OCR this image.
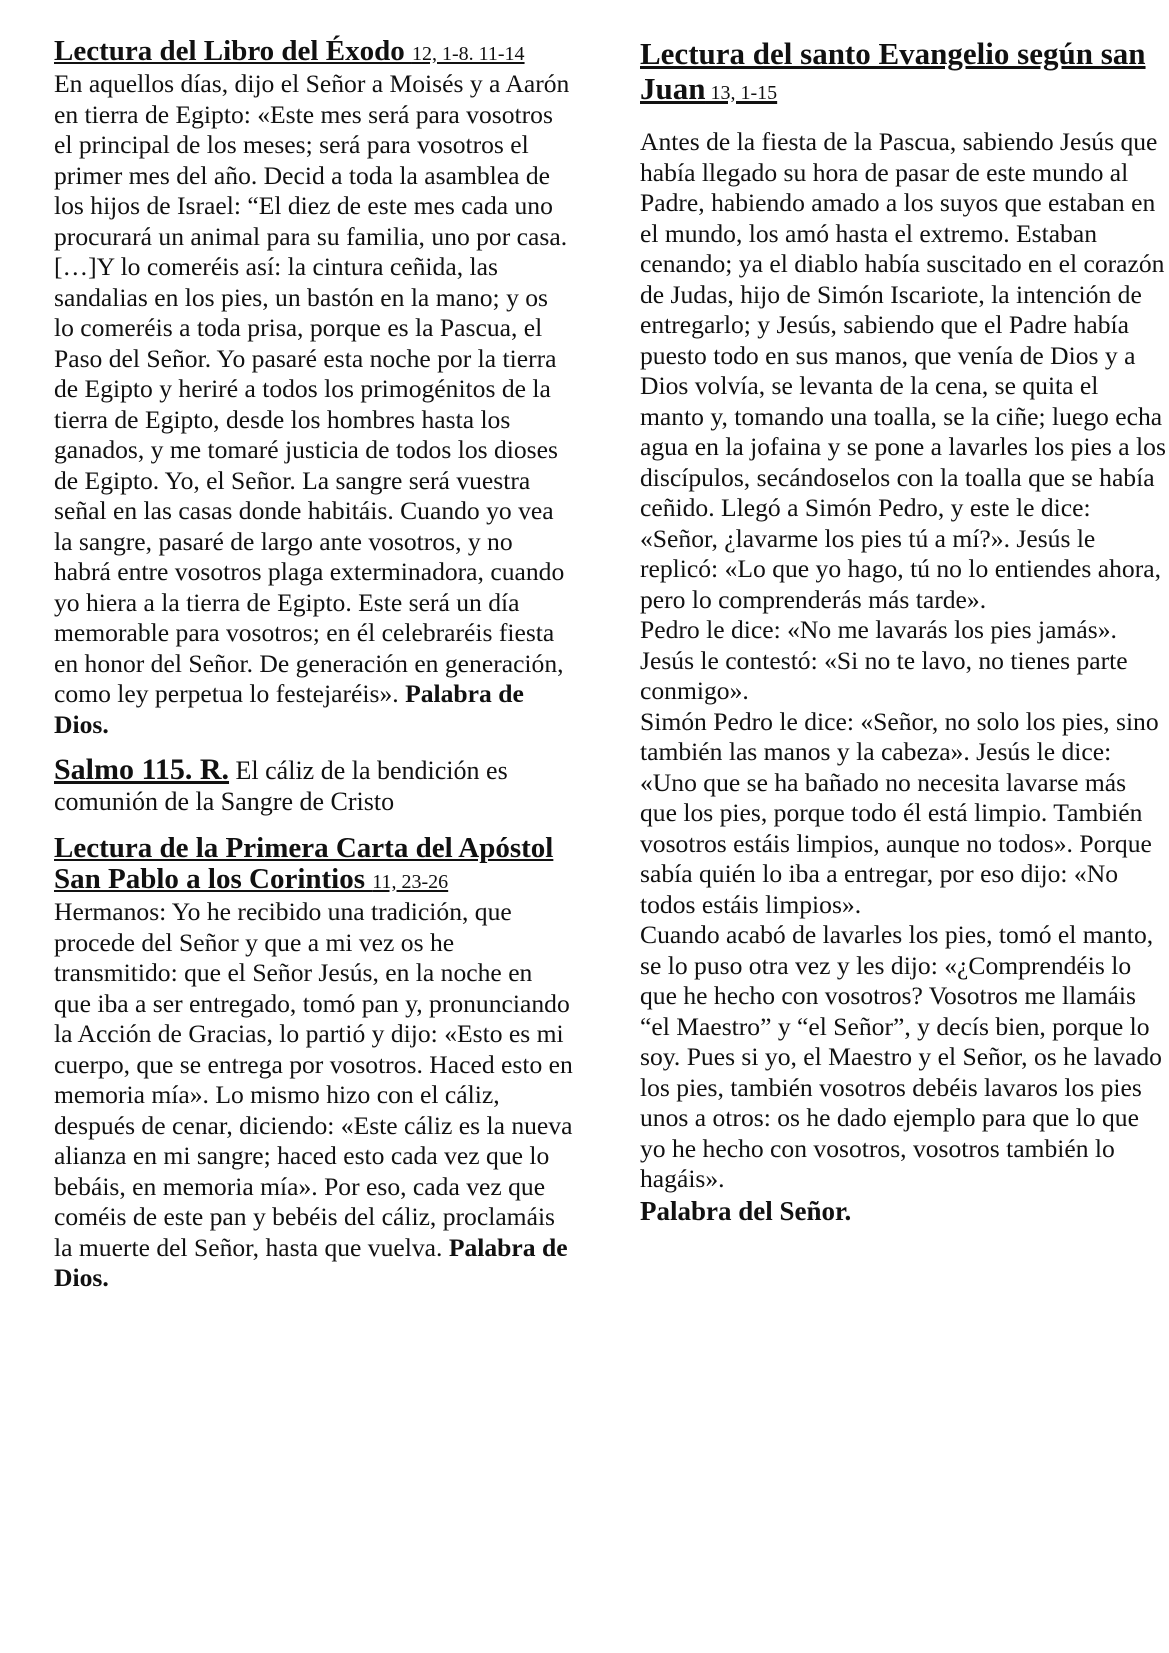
Lectura del Libro del Éxodo 12, 1-8. 11-14

En aquellos días, dijo el Señor a Moisés y a Aarón en tierra de Egipto: «Este mes será para vosotros el principal de los meses; será para vosotros el primer mes del año. Decid a toda la asamblea de los hijos de Israel: “El diez de este mes cada uno procurará un animal para su familia, uno por casa. […]Y lo comeréis así: la cintura ceñida, las sandalias en los pies, un bastón en la mano; y os lo comeréis a toda prisa, porque es la Pascua, el Paso del Señor. Yo pasaré esta noche por la tierra de Egipto y heriré a todos los primogénitos de la tierra de Egipto, desde los hombres hasta los ganados, y me tomaré justicia de todos los dioses de Egipto. Yo, el Señor. La sangre será vuestra señal en las casas donde habitáis. Cuando yo vea la sangre, pasaré de largo ante vosotros, y no habrá entre vosotros plaga exterminadora, cuando yo hiera a la tierra de Egipto. Este será un día memorable para vosotros; en él celebraréis fiesta en honor del Señor. De generación en generación, como ley perpetua lo festejaréis». Palabra de Dios.

Salmo 115. R. El cáliz de la bendición es comunión de la Sangre de Cristo
Lectura de la Primera Carta del Apóstol San Pablo a los Corintios 11, 23-26

Hermanos: Yo he recibido una tradición, que procede del Señor y que a mi vez os he transmitido: que el Señor Jesús, en la noche en que iba a ser entregado, tomó pan y, pronunciando la Acción de Gracias, lo partió y dijo: «Esto es mi cuerpo, que se entrega por vosotros. Haced esto en memoria mía». Lo mismo hizo con el cáliz, después de cenar, diciendo: «Este cáliz es la nueva alianza en mi sangre; haced esto cada vez que lo bebáis, en memoria mía». Por eso, cada vez que coméis de este pan y bebéis del cáliz, proclamáis la muerte del Señor, hasta que vuelva. Palabra de Dios.

Lectura del santo Evangelio según san Juan 13, 1-15
Antes de la fiesta de la Pascua, sabiendo Jesús que había llegado su hora de pasar de este mundo al Padre, habiendo amado a los suyos que estaban en el mundo, los amó hasta el extremo. Estaban cenando; ya el diablo había suscitado en el corazón de Judas, hijo de Simón Iscariote, la intención de entregarlo; y Jesús, sabiendo que el Padre había puesto todo en sus manos, que venía de Dios y a Dios volvía, se levanta de la cena, se quita el manto y, tomando una toalla, se la ciñe; luego echa agua en la jofaina y se pone a lavarles los pies a los discípulos, secándoselos con la toalla que se había ceñido. Llegó a Simón Pedro, y este le dice: «Señor, ¿lavarme los pies tú a mí?». Jesús le replicó: «Lo que yo hago, tú no lo entiendes ahora, pero lo comprenderás más tarde».
Pedro le dice: «No me lavarás los pies jamás». Jesús le contestó: «Si no te lavo, no tienes parte conmigo».
Simón Pedro le dice: «Señor, no solo los pies, sino también las manos y la cabeza». Jesús le dice: «Uno que se ha bañado no necesita lavarse más que los pies, porque todo él está limpio. También vosotros estáis limpios, aunque no todos». Porque sabía quién lo iba a entregar, por eso dijo: «No todos estáis limpios».
Cuando acabó de lavarles los pies, tomó el manto, se lo puso otra vez y les dijo: «¿Comprendéis lo que he hecho con vosotros? Vosotros me llamáis “el Maestro” y “el Señor”, y decís bien, porque lo soy. Pues si yo, el Maestro y el Señor, os he lavado los pies, también vosotros debéis lavaros los pies unos a otros: os he dado ejemplo para que lo que yo he hecho con vosotros, vosotros también lo hagáis».
Palabra del Señor.
